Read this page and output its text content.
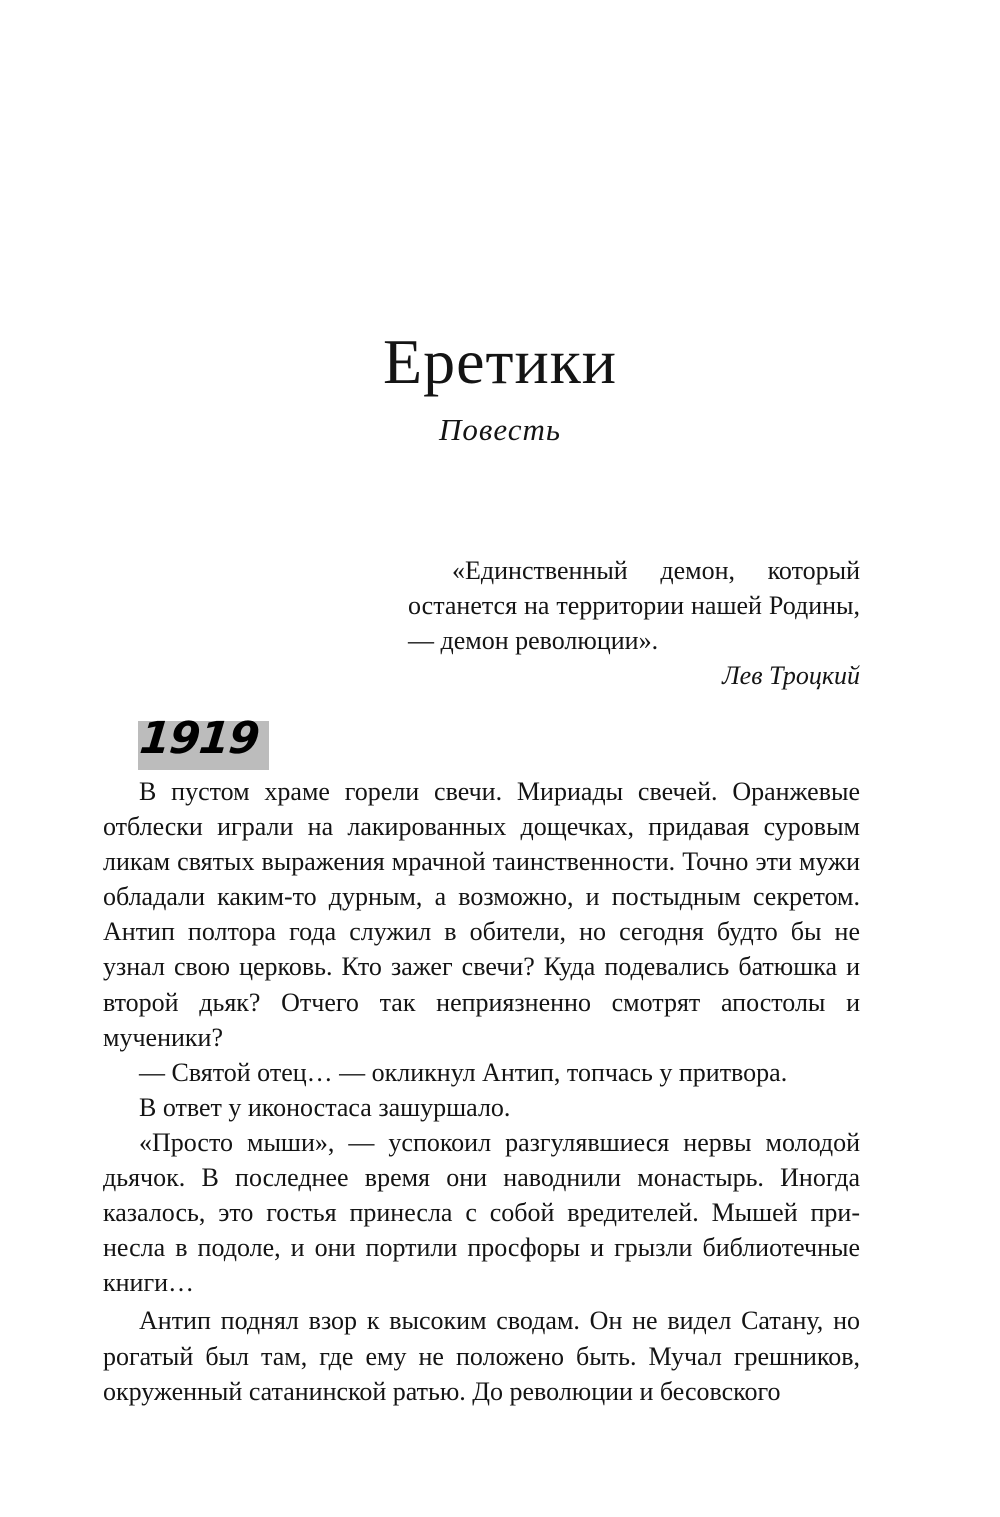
Еретики
Повесть

«Единственный демон, который останется на территории нашей Родины, — демон революции».

Лев Троцкий

1919

В пустом храме горели свечи. Мириады свечей. Оранжевые отблески играли на лакированных дощечках, придавая суровым ликам святых выражения мрачной таинственности. Точно эти мужи обладали каким-то дурным, а возможно, и постыдным секретом. Антип полтора года служил в обители, но сегодня будто бы не узнал свою церковь. Кто зажег свечи? Куда подевались батюшка и второй дьяк? Отчего так неприязненно смотрят апостолы и мученики?

— Святой отец… — окликнул Антип, топчась у притвора.

В ответ у иконостаса зашуршало.

«Просто мыши», — успокоил разгулявшиеся нервы молодой дьячок. В последнее время они наводнили монастырь. Иногда казалось, это гостья принесла с собой вредителей. Мышей принесла в подоле, и они портили просфоры и грызли библиотечные книги…

Антип поднял взор к высоким сводам. Он не видел Сатану, но рогатый был там, где ему не положено быть. Мучал грешников, окруженный сатанинской ратью. До революции и бесовского
